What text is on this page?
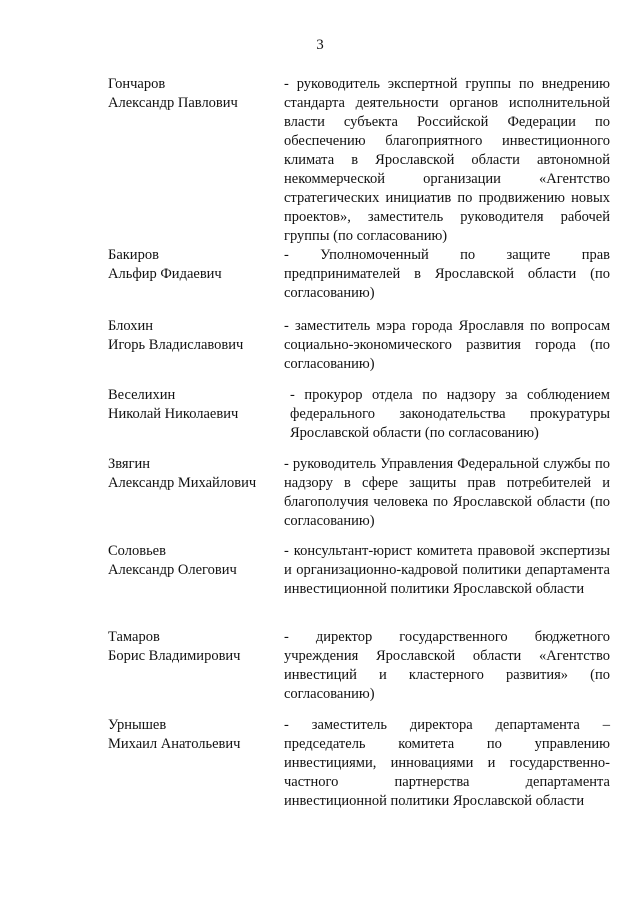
3
Гончаров
Александр Павлович
- руководитель экспертной группы по внедрению стандарта деятельности органов исполнительной власти субъекта Российской Федерации по обеспечению благоприятного инвестиционного климата в Ярославской области автономной некоммерческой организации «Агентство стратегических инициатив по продвижению новых проектов», заместитель руководителя рабочей группы (по согласованию)
Бакиров
Альфир Фидаевич
- Уполномоченный по защите прав предпринимателей в Ярославской области (по согласованию)
Блохин
Игорь Владиславович
- заместитель мэра города Ярославля по вопросам социально-экономического развития города (по согласованию)
Веселихин
Николай Николаевич
- прокурор отдела по надзору за соблюдением федерального законодательства прокуратуры Ярославской области (по согласованию)
Звягин
Александр Михайлович
- руководитель Управления Федеральной службы по надзору в сфере защиты прав потребителей и благополучия человека по Ярославской области (по согласованию)
Соловьев
Александр Олегович
- консультант-юрист комитета правовой экспертизы и организационно-кадровой политики департамента инвестиционной политики Ярославской области
Тамаров
Борис Владимирович
- директор государственного бюджетного учреждения Ярославской области «Агентство инвестиций и кластерного развития» (по согласованию)
Урнышев
Михаил Анатольевич
- заместитель директора департамента – председатель комитета по управлению инвестициями, инновациями и государственно-частного партнерства департамента инвестиционной политики Ярославской области
